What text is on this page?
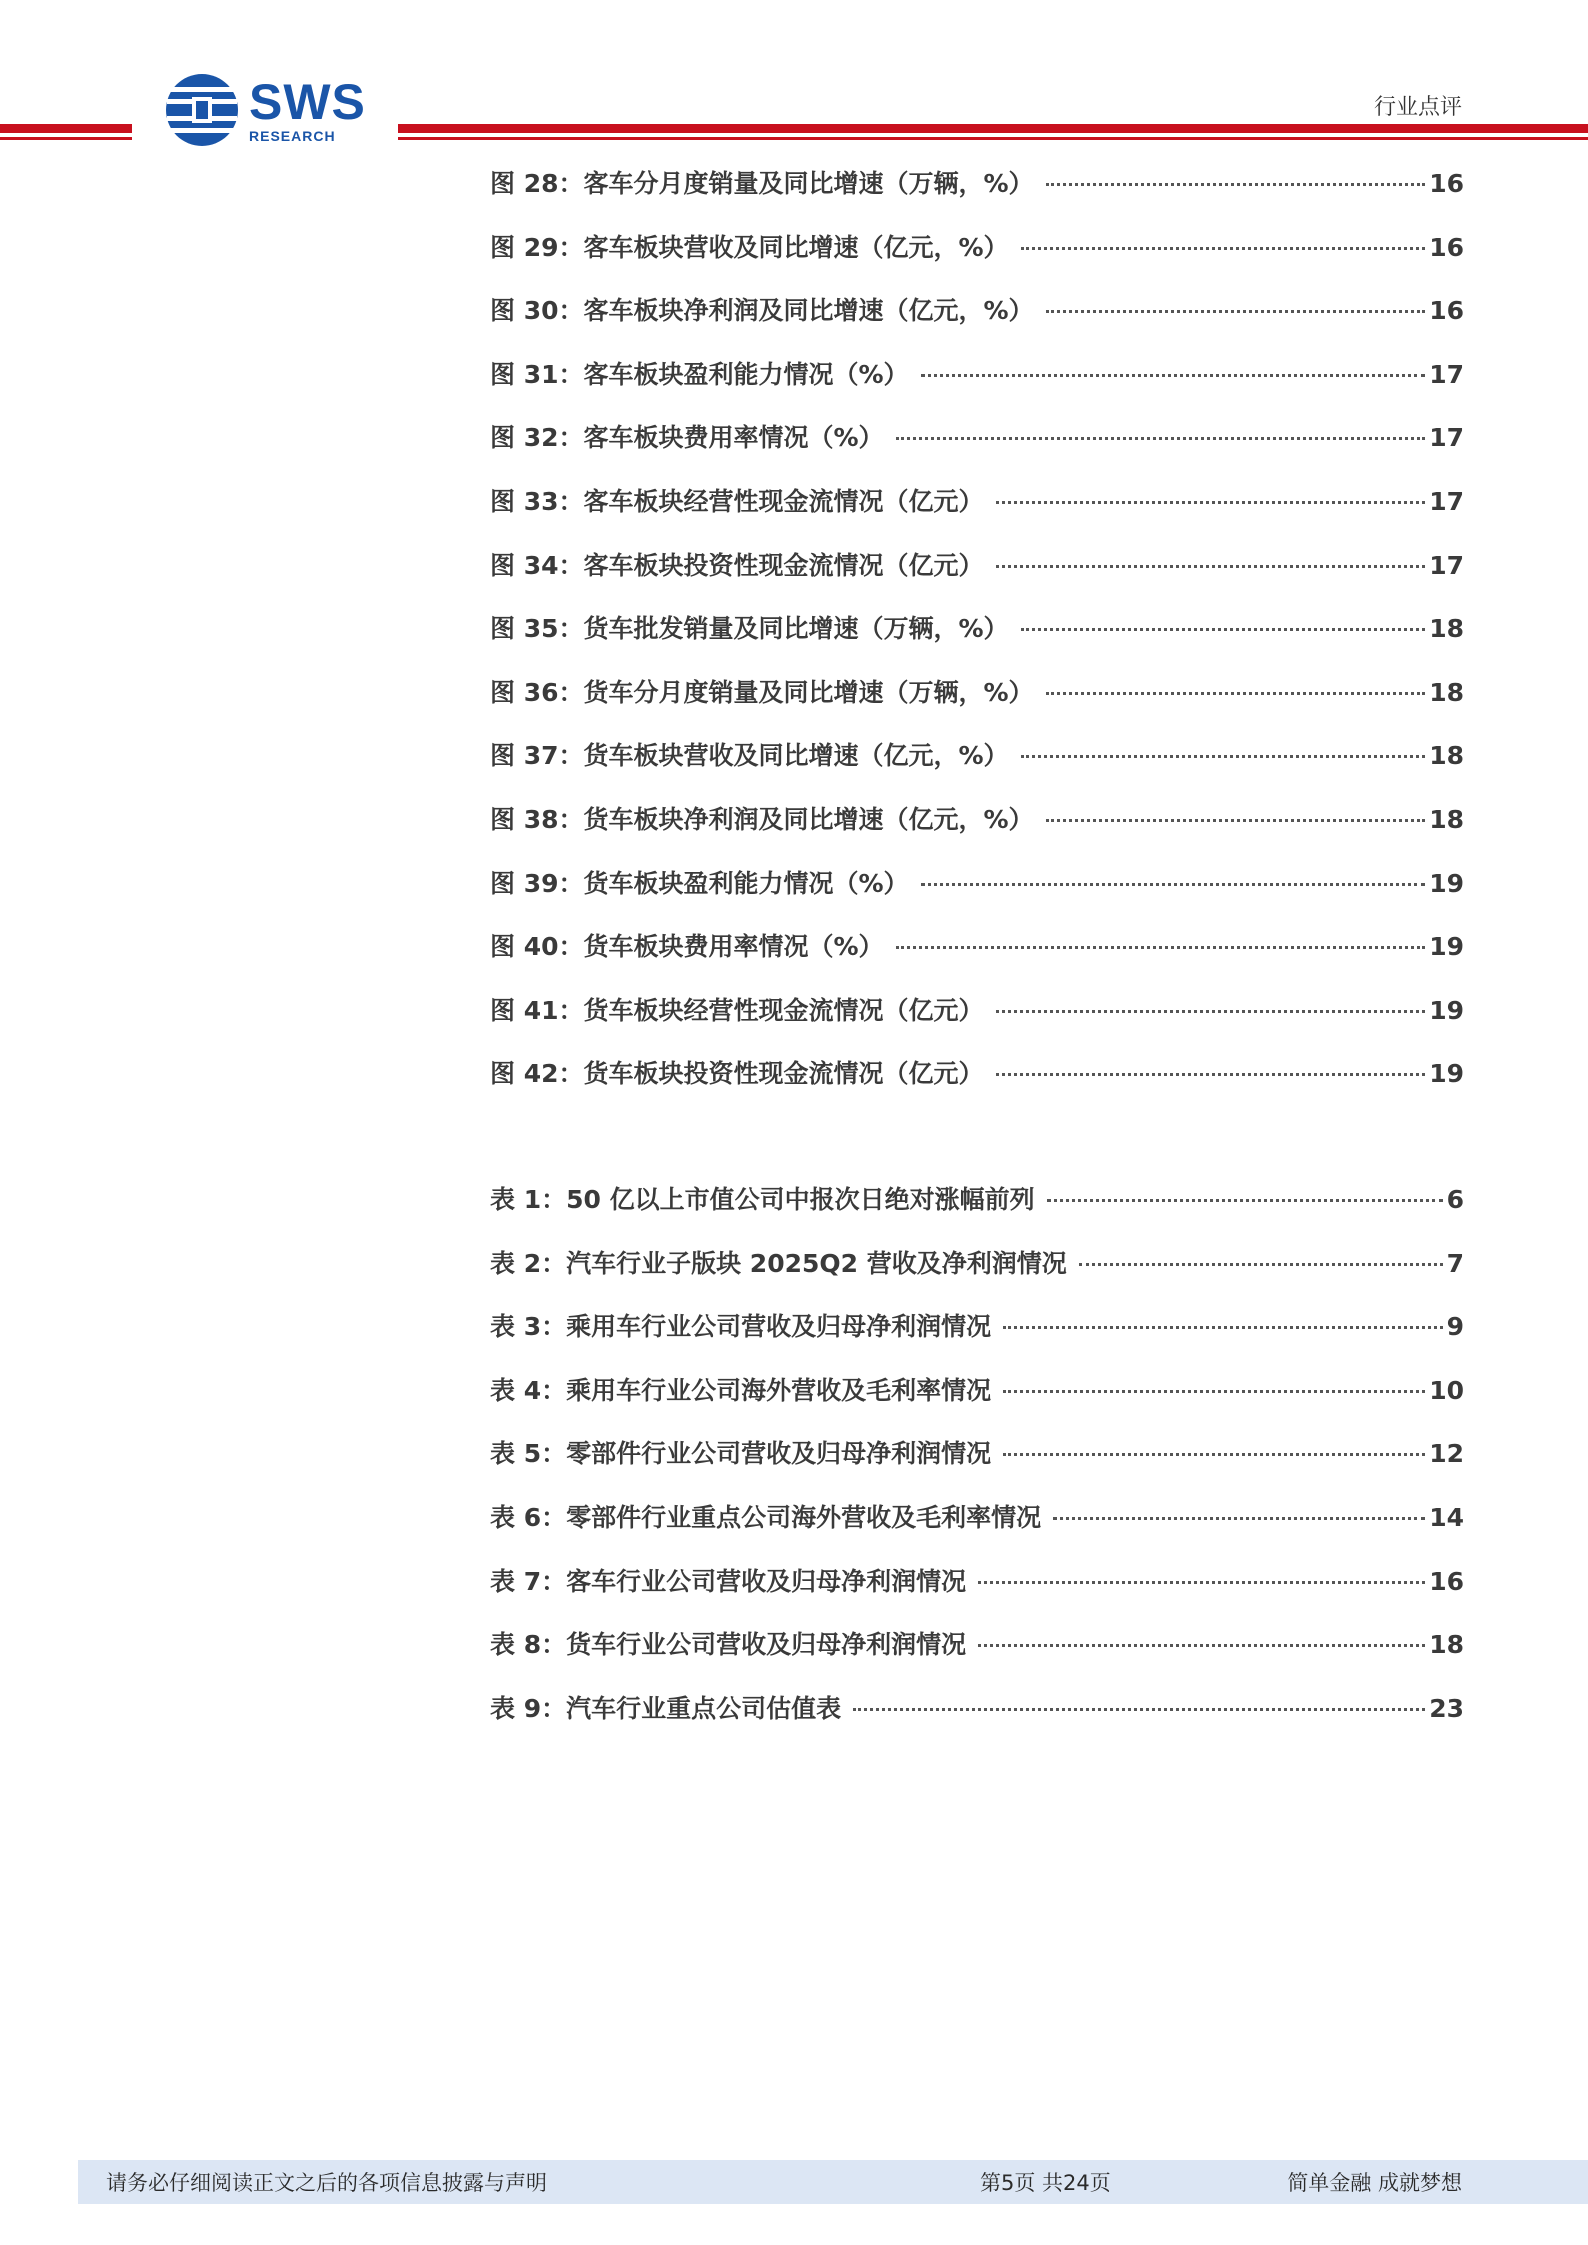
SWS
RESEARCH
行业点评
图 28：客车分月度销量及同比增速（万辆，%）	16
图 29：客车板块营收及同比增速（亿元，%）	16
图 30：客车板块净利润及同比增速（亿元，%）	16
图 31：客车板块盈利能力情况（%）	17
图 32：客车板块费用率情况（%）	17
图 33：客车板块经营性现金流情况（亿元）	17
图 34：客车板块投资性现金流情况（亿元）	17
图 35：货车批发销量及同比增速（万辆，%）	18
图 36：货车分月度销量及同比增速（万辆，%）	18
图 37：货车板块营收及同比增速（亿元，%）	18
图 38：货车板块净利润及同比增速（亿元，%）	18
图 39：货车板块盈利能力情况（%）	19
图 40：货车板块费用率情况（%）	19
图 41：货车板块经营性现金流情况（亿元）	19
图 42：货车板块投资性现金流情况（亿元）	19
表 1：50 亿以上市值公司中报次日绝对涨幅前列	6
表 2：汽车行业子版块 2025Q2 营收及净利润情况	7
表 3：乘用车行业公司营收及归母净利润情况	9
表 4：乘用车行业公司海外营收及毛利率情况	10
表 5：零部件行业公司营收及归母净利润情况	12
表 6：零部件行业重点公司海外营收及毛利率情况	14
表 7：客车行业公司营收及归母净利润情况	16
表 8：货车行业公司营收及归母净利润情况	18
表 9：汽车行业重点公司估值表	23
请务必仔细阅读正文之后的各项信息披露与声明	第5页 共24页	简单金融 成就梦想
